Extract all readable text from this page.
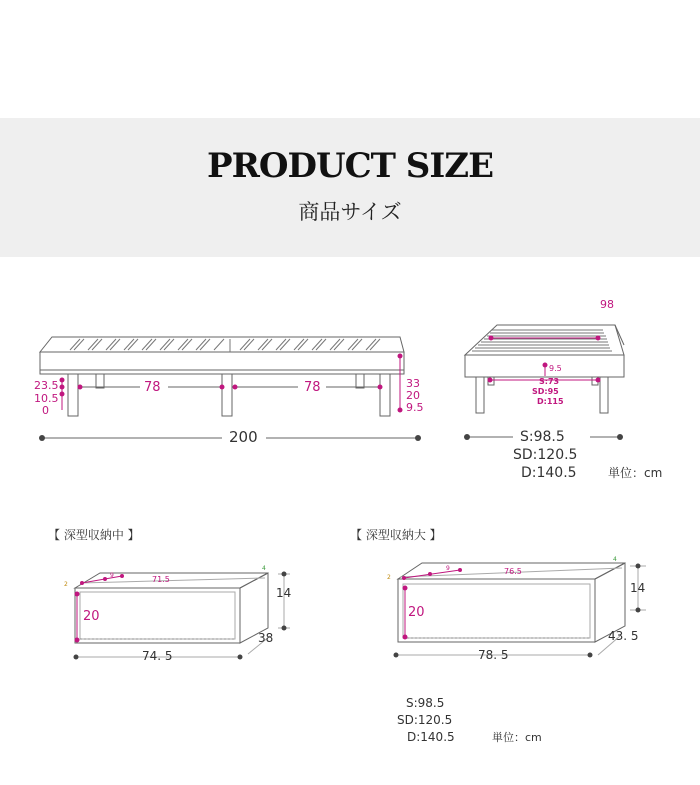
PRODUCT SIZE
商品サイズ
23.5
10.5
0
78	78	33
20
9.5
200
98
9.5
S:73
SD:95
D:115
S:98.5
SD:120.5
D:140.5	単位：cm
【 深型収納中 】
2
9	71.5
4
20
14
38
74. 5
【 深型収納大 】
2
9	76.5
4
20
14
43. 5
78. 5
S:98.5
SD:120.5
D:140.5	単位：cm
